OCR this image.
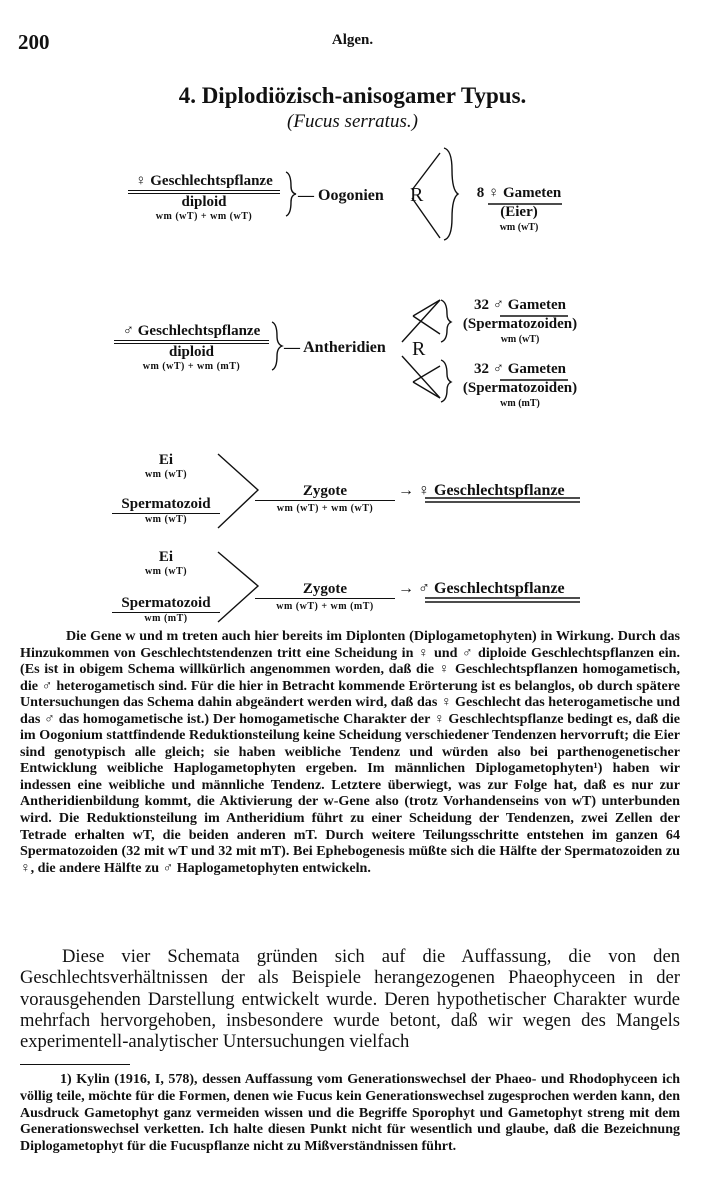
200	Algen.
4. Diplodiözisch-anisogamer Typus.
(Fucus serratus.)
♀ Geschlechtspflanze
diploid
wm (wT) + wm (wT)
— Oogonien R	8 ♀ Gameten
(Eier)
wm (wT)
♂ Geschlechtspflanze
diploid
wm (wT) + wm (mT)
— Antheridien R
32 ♂ Gameten
(Spermatozoiden)
wm (wT)
32 ♂ Gameten
(Spermatozoiden)
wm (mT)
Ei
wm (wT)
Spermatozoid
wm (wT)
Zygote
wm (wT) + wm (wT)
→ ♀ Geschlechtspflanze
Ei
wm (wT)
Spermatozoid
wm (mT)
Zygote
wm (wT) + wm (mT)
→ ♂ Geschlechtspflanze

Die Gene w und m treten auch hier bereits im Diplonten (Diplogametophyten) in Wirkung. Durch das Hinzukommen von Geschlechtstendenzen tritt eine Scheidung in ♀ und ♂ diploide Geschlechtspflanzen ein. (Es ist in obigem Schema willkürlich angenommen worden, daß die ♀ Geschlechtspflanzen homogametisch, die ♂ heterogametisch sind. Für die hier in Betracht kommende Erörterung ist es belanglos, ob durch spätere Untersuchungen das Schema dahin abgeändert werden wird, daß das ♀ Geschlecht das heterogametische und das ♂ das homogametische ist.) Der homogametische Charakter der ♀ Geschlechtspflanze bedingt es, daß die im Oogonium stattfindende Reduktionsteilung keine Scheidung verschiedener Tendenzen hervorruft; die Eier sind genotypisch alle gleich; sie haben weibliche Tendenz und würden also bei parthenogenetischer Entwicklung weibliche Haplogametophyten ergeben. Im männlichen Diplogametophyten¹) haben wir indessen eine weibliche und männliche Tendenz. Letztere überwiegt, was zur Folge hat, daß es nur zur Antheridienbildung kommt, die Aktivierung der w-Gene also (trotz Vorhandenseins von wT) unterbunden wird. Die Reduktionsteilung im Antheridium führt zu einer Scheidung der Tendenzen, zwei Zellen der Tetrade erhalten wT, die beiden anderen mT. Durch weitere Teilungsschritte entstehen im ganzen 64 Spermatozoiden (32 mit wT und 32 mit mT). Bei Ephebogenesis müßte sich die Hälfte der Spermatozoiden zu ♀, die andere Hälfte zu ♂ Haplogametophyten entwickeln.

Diese vier Schemata gründen sich auf die Auffassung, die von den Geschlechtsverhältnissen der als Beispiele herangezogenen Phaeophyceen in der vorausgehenden Darstellung entwickelt wurde. Deren hypothetischer Charakter wurde mehrfach hervorgehoben, insbesondere wurde betont, daß wir wegen des Mangels experimentell-analytischer Untersuchungen vielfach

1) Kylin (1916, I, 578), dessen Auffassung vom Generationswechsel der Phaeo- und Rhodophyceen ich völlig teile, möchte für die Formen, denen wie Fucus kein Generationswechsel zugesprochen werden kann, den Ausdruck Gametophyt ganz vermeiden wissen und die Begriffe Sporophyt und Gametophyt streng mit dem Generationswechsel verketten. Ich halte diesen Punkt nicht für wesentlich und glaube, daß die Bezeichnung Diplogametophyt für die Fucuspflanze nicht zu Mißverständnissen führt.
